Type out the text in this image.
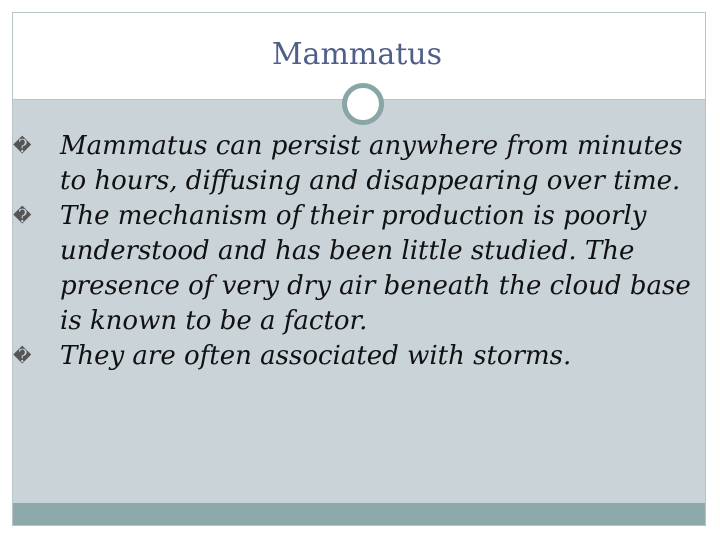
Mammatus

� Mammatus can persist anywhere from minutes to hours, diffusing and disappearing over time.

� The mechanism of their production is poorly understood and has been little studied. The presence of very dry air beneath the cloud base is known to be a factor.

� They are often associated with storms.
